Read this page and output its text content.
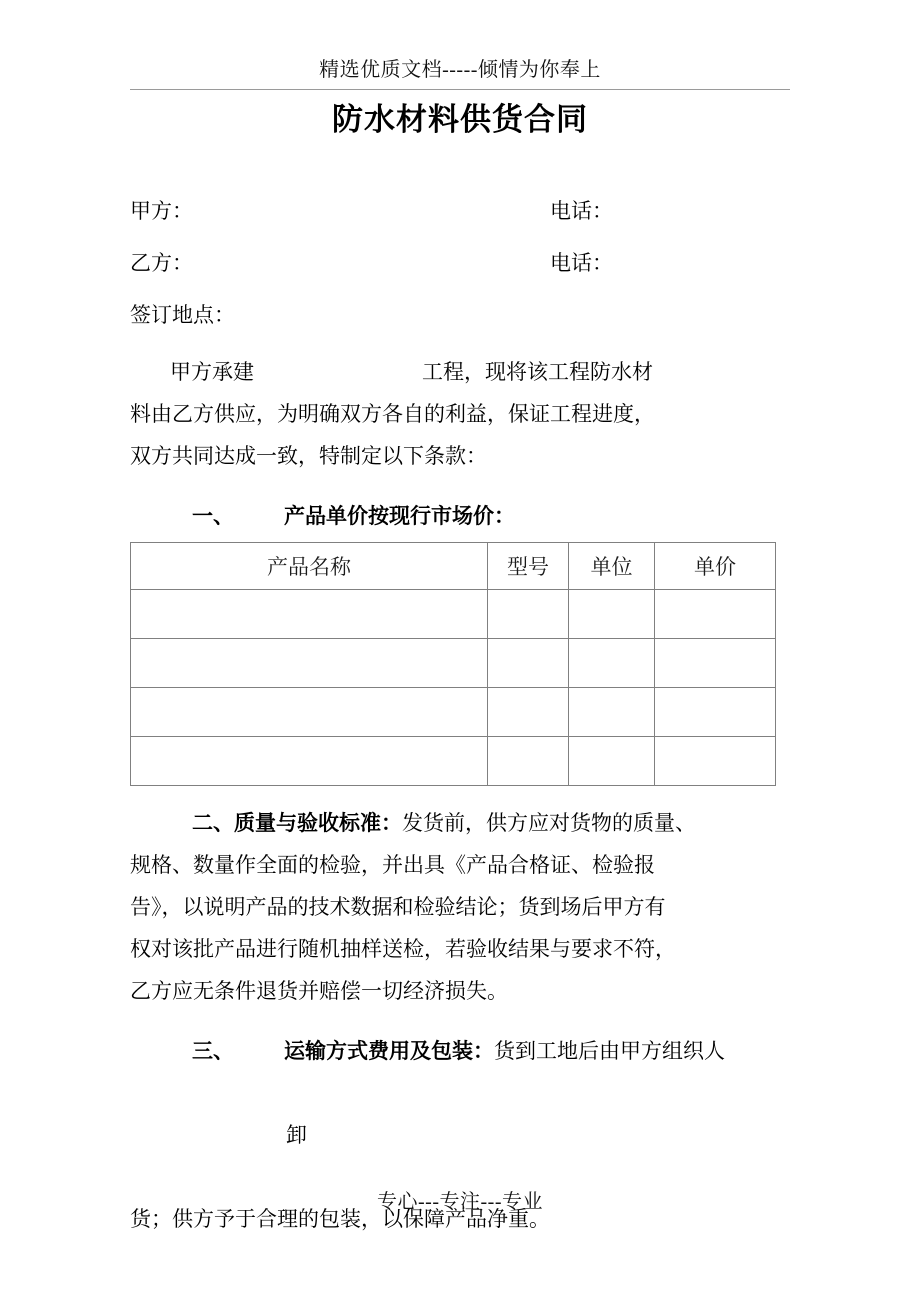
精选优质文档-----倾情为你奉上
防水材料供货合同
甲方：	电话：
乙方：	电话：
签订地点：
甲方承建	工程，现将该工程防水材
料由乙方供应，为明确双方各自的利益，保证工程进度，
双方共同达成一致，特制定以下条款：
一、 产品单价按现行市场价：
产品名称	型号	单位	单价

二、质量与验收标准：发货前，供方应对货物的质量、
规格、数量作全面的检验，并出具《产品合格证、检验报
告》，以说明产品的技术数据和检验结论；货到场后甲方有
权对该批产品进行随机抽样送检，若验收结果与要求不符，
乙方应无条件退货并赔偿一切经济损失。
三、 运输方式费用及包装：货到工地后由甲方组织人

卸

货；供方予于合理的包装，以保障产品净重。
专心---专注---专业
